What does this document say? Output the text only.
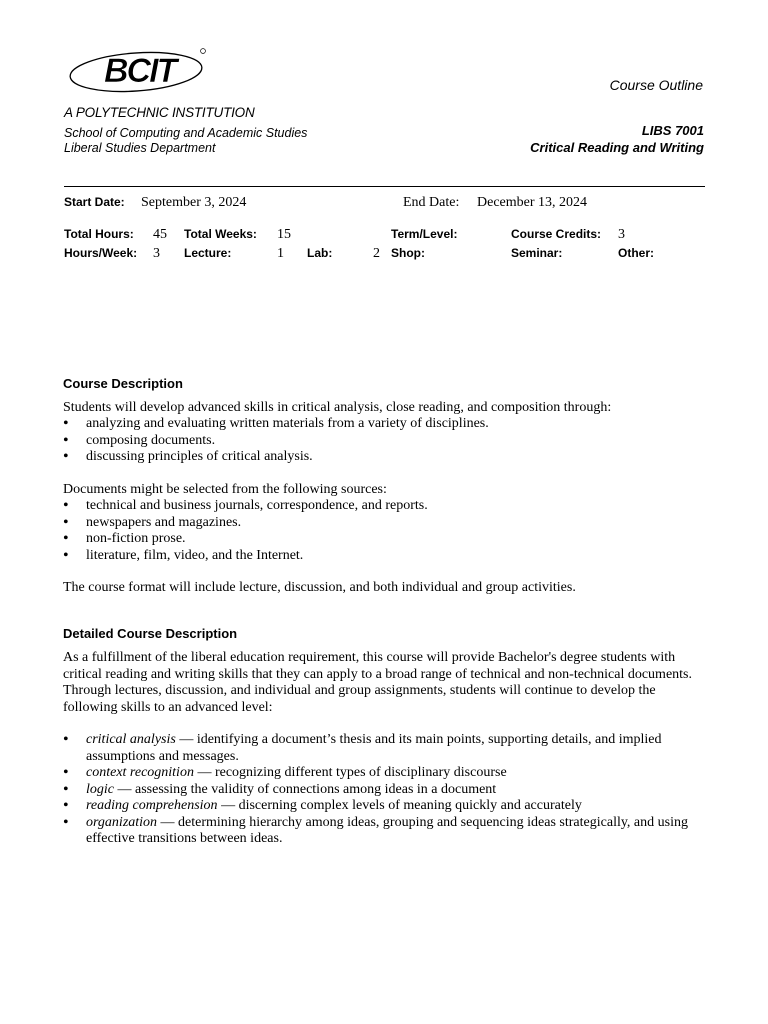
BCIT
A POLYTECHNIC INSTITUTION
School of Computing and Academic Studies
Liberal Studies Department
Course Outline
LIBS 7001
Critical Reading and Writing
Start Date: September 3, 2024	End Date: December 13, 2024
Total Hours: 45 Total Weeks: 15	Term/Level:	Course Credits: 3
Hours/Week: 3 Lecture:	1 Lab:	2 Shop:	Seminar:	Other:
Course Description
Students will develop advanced skills in critical analysis, close reading, and composition through:
• analyzing and evaluating written materials from a variety of disciplines.
• composing documents.
• discussing principles of critical analysis.
Documents might be selected from the following sources:
• technical and business journals, correspondence, and reports.
• newspapers and magazines.
• non-fiction prose.
• literature, film, video, and the Internet.
The course format will include lecture, discussion, and both individual and group activities.
Detailed Course Description
As a fulfillment of the liberal education requirement, this course will provide Bachelor's degree students with
critical reading and writing skills that they can apply to a broad range of technical and non-technical documents.
Through lectures, discussion, and individual and group assignments, students will continue to develop the
following skills to an advanced level:
• critical analysis — identifying a document’s thesis and its main points, supporting details, and implied
assumptions and messages.
• context recognition — recognizing different types of disciplinary discourse
• logic — assessing the validity of connections among ideas in a document
• reading comprehension — discerning complex levels of meaning quickly and accurately
• organization — determining hierarchy among ideas, grouping and sequencing ideas strategically, and using
effective transitions between ideas.
